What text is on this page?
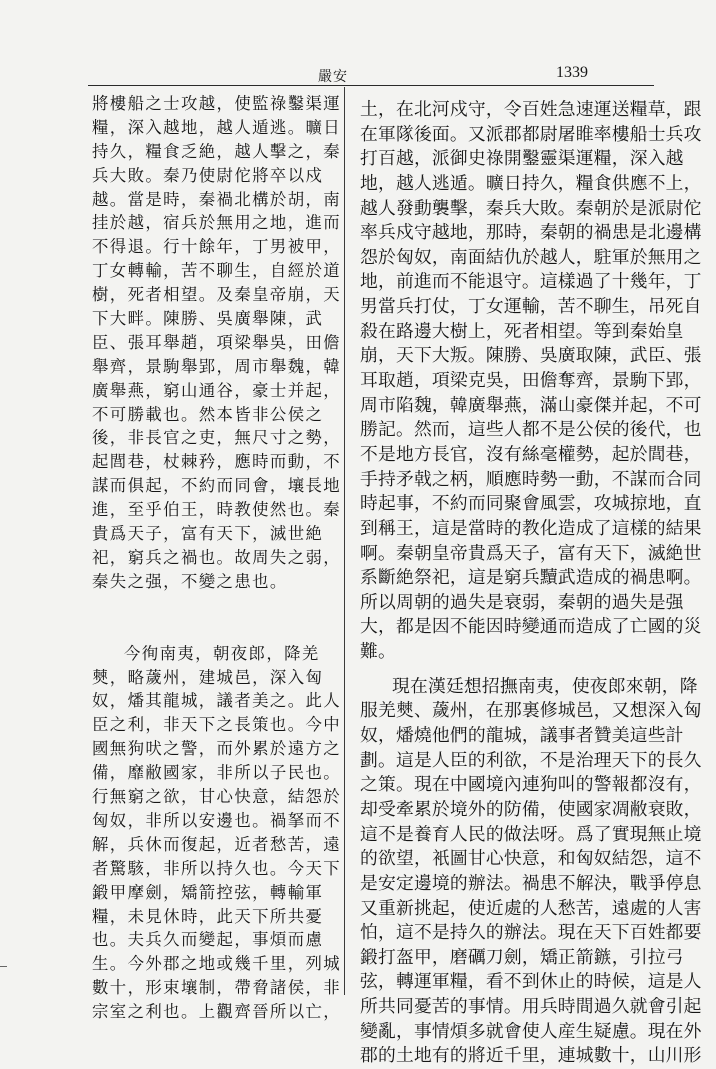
嚴安	1339

將樓船之士攻越，使監祿鑿渠運
糧，深入越地，越人遁逃。曠日
持久，糧食乏絶，越人擊之，秦
兵大敗。秦乃使尉佗將卒以戍
越。當是時，秦禍北構於胡，南
挂於越，宿兵於無用之地，進而
不得退。行十餘年，丁男被甲，
丁女轉輸，苦不聊生，自經於道
樹，死者相望。及秦皇帝崩，天
下大畔。陳勝、吳廣舉陳，武
臣、張耳舉趙，項梁舉吳，田儋
舉齊，景駒舉郢，周市舉魏，韓
廣舉燕，窮山通谷，豪士并起，
不可勝載也。然本皆非公侯之
後，非長官之吏，無尺寸之勢，
起閭巷，杖棘矜，應時而動，不
謀而俱起，不約而同會，壤長地
進，至乎伯王，時教使然也。秦
貴爲天子，富有天下，滅世絶
祀，窮兵之禍也。故周失之弱，
秦失之强，不變之患也。

今徇南夷，朝夜郎，降羌
僰，略薉州，建城邑，深入匈
奴，燔其龍城，議者美之。此人
臣之利，非天下之長策也。今中
國無狗吠之警，而外累於遠方之
備，靡敝國家，非所以子民也。
行無窮之欲，甘心快意，結怨於
匈奴，非所以安邊也。禍拏而不
解，兵休而復起，近者愁苦，遠
者驚駭，非所以持久也。今天下
鍛甲摩劍，矯箭控弦，轉輸軍
糧，未見休時，此天下所共憂
也。夫兵久而變起，事煩而慮
生。今外郡之地或幾千里，列城
數十，形束壤制，帶脅諸侯，非
宗室之利也。上觀齊晉所以亡，

土，在北河戍守，令百姓急速運送糧草，跟
在軍隊後面。又派郡都尉屠睢率樓船士兵攻
打百越，派御史祿開鑿靈渠運糧，深入越
地，越人逃遁。曠日持久，糧食供應不上，
越人發動襲擊，秦兵大敗。秦朝於是派尉佗
率兵戍守越地，那時，秦朝的禍患是北邊構
怨於匈奴，南面結仇於越人，駐軍於無用之
地，前進而不能退守。這樣過了十幾年，丁
男當兵打仗，丁女運輸，苦不聊生，吊死自
殺在路邊大樹上，死者相望。等到秦始皇
崩，天下大叛。陳勝、吳廣取陳，武臣、張
耳取趙，項梁克吳，田儋奪齊，景駒下郢，
周市陷魏，韓廣舉燕，滿山豪傑并起，不可
勝記。然而，這些人都不是公侯的後代，也
不是地方長官，沒有絲毫權勢，起於閭巷，
手持矛戟之柄，順應時勢一動，不謀而合同
時起事，不約而同聚會風雲，攻城掠地，直
到稱王，這是當時的教化造成了這樣的結果
啊。秦朝皇帝貴爲天子，富有天下，滅絶世
系斷絶祭祀，這是窮兵黷武造成的禍患啊。
所以周朝的過失是衰弱，秦朝的過失是强
大，都是因不能因時變通而造成了亡國的災
難。

現在漢廷想招撫南夷，使夜郎來朝，降
服羌僰、薉州，在那裏修城邑，又想深入匈
奴，燔燒他們的龍城，議事者贊美這些計
劃。這是人臣的利欲，不是治理天下的長久
之策。現在中國境內連狗叫的警報都沒有，
却受牽累於境外的防備，使國家凋敝衰敗，
這不是養育人民的做法呀。爲了實現無止境
的欲望，衹圖甘心快意，和匈奴結怨，這不
是安定邊境的辦法。禍患不解決，戰爭停息
又重新挑起，使近處的人愁苦，遠處的人害
怕，這不是持久的辦法。現在天下百姓都要
鍛打盔甲，磨礪刀劍，矯正箭鏃，引拉弓
弦，轉運軍糧，看不到休止的時候，這是人
所共同憂苦的事情。用兵時間過久就會引起
變亂，事情煩多就會使人産生疑慮。現在外
郡的土地有的將近千里，連城數十，山川形
